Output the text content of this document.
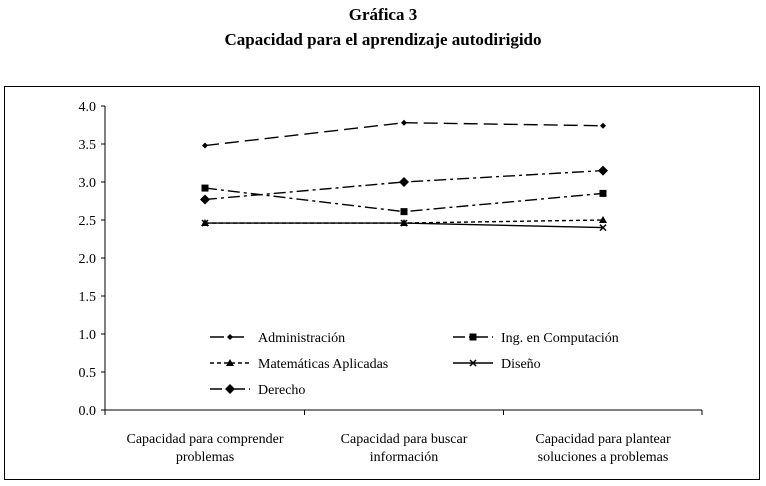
Gráfica 3
Capacidad para el aprendizaje autodirigido
0.0
0.5
1.0
1.5
2.0
2.5
3.0
3.5
4.0
Capacidad para comprender problemas
Capacidad para buscar información
Capacidad para plantear soluciones a problemas
Administración	Ing. en Computación
Matemáticas Aplicadas	Diseño
Derecho
